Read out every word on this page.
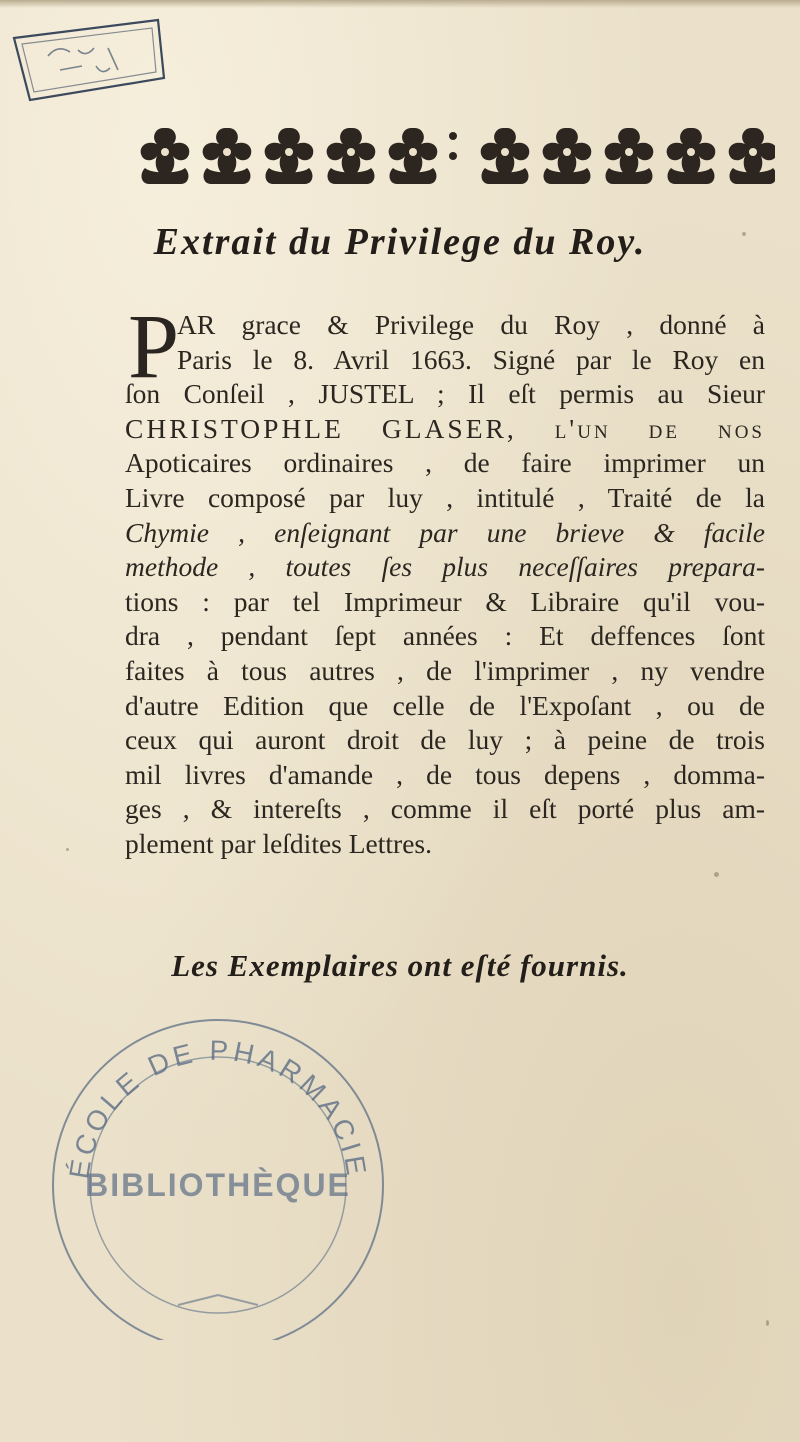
Extrait du Privilege du Roy.
P
AR grace & Privilege du Roy , donné à
Paris le 8. Avril 1663. Signé par le Roy en
ſon Conſeil , JUSTEL ; Il eſt permis au Sieur
CHRISTOPHLE GLASER, l'un de nos
Apoticaires ordinaires , de faire imprimer un
Livre composé par luy , intitulé , Traité de la
Chymie , enſeignant par une brieve & facile
methode , toutes ſes plus neceſſaires prepara-
tions : par tel Imprimeur & Libraire qu'il vou-
dra , pendant ſept années : Et deffences ſont
faites à tous autres , de l'imprimer , ny vendre
d'autre Edition que celle de l'Expoſant , ou de
ceux qui auront droit de luy ; à peine de trois
mil livres d'amande , de tous depens , domma-
ges , & intereſts , comme il eſt porté plus am-
plement par leſdites Lettres.
Les Exemplaires ont eſté fournis.
ÉCOLE DE PHARMACIE
BIBLIOTHÈQUE
